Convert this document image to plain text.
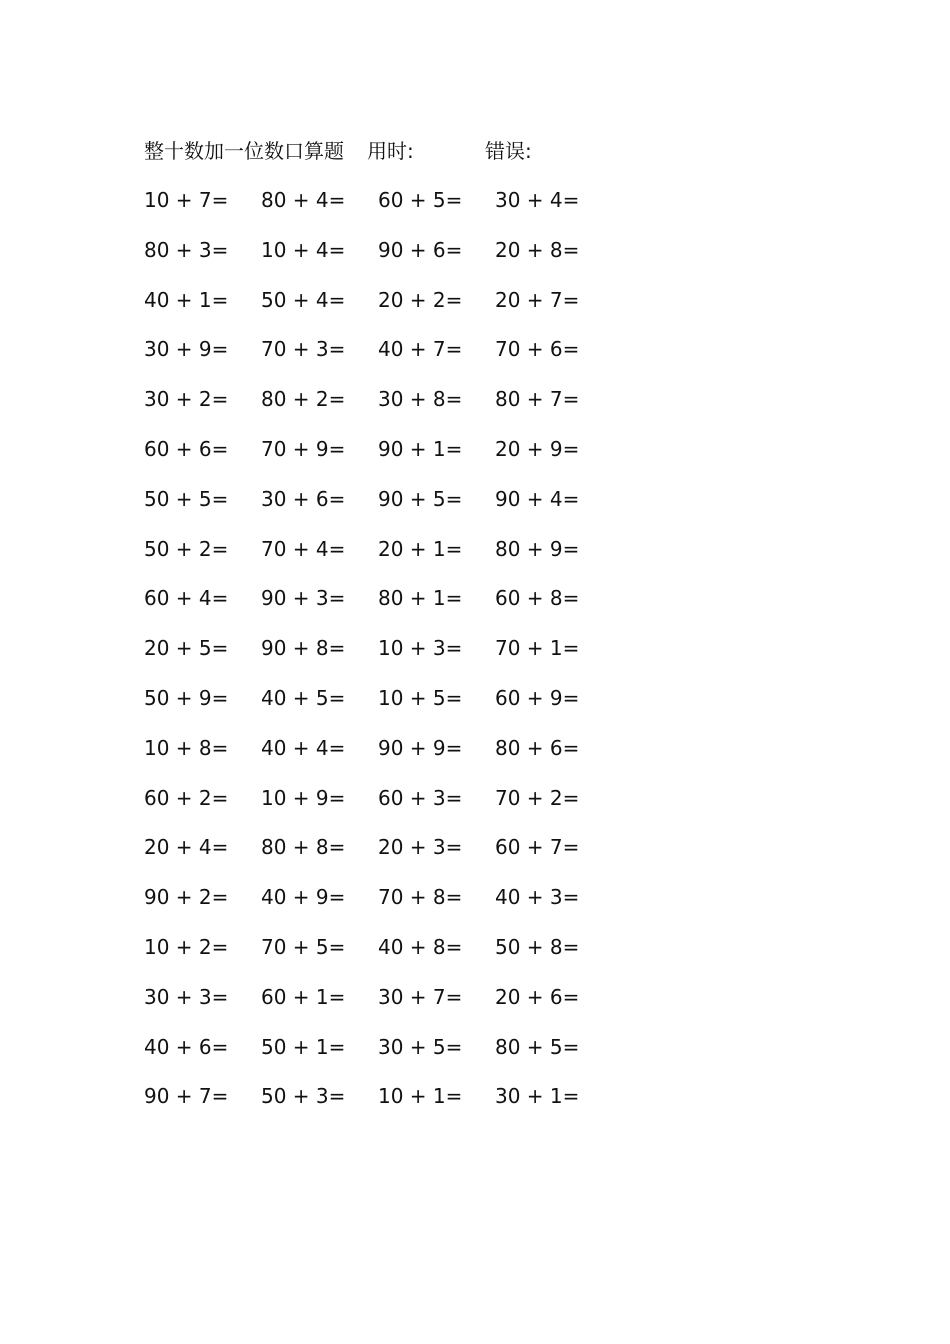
整十数加一位数口算题 用时:	错误:
10 + 7= 80 + 4= 60 + 5= 30 + 4=
80 + 3= 10 + 4= 90 + 6= 20 + 8=
40 + 1= 50 + 4= 20 + 2= 20 + 7=
30 + 9= 70 + 3= 40 + 7= 70 + 6=
30 + 2= 80 + 2= 30 + 8= 80 + 7=
60 + 6= 70 + 9= 90 + 1= 20 + 9=
50 + 5= 30 + 6= 90 + 5= 90 + 4=
50 + 2= 70 + 4= 20 + 1= 80 + 9=
60 + 4= 90 + 3= 80 + 1= 60 + 8=
20 + 5= 90 + 8= 10 + 3= 70 + 1=
50 + 9= 40 + 5= 10 + 5= 60 + 9=
10 + 8= 40 + 4= 90 + 9= 80 + 6=
60 + 2= 10 + 9= 60 + 3= 70 + 2=
20 + 4= 80 + 8= 20 + 3= 60 + 7=
90 + 2= 40 + 9= 70 + 8= 40 + 3=
10 + 2= 70 + 5= 40 + 8= 50 + 8=
30 + 3= 60 + 1= 30 + 7= 20 + 6=
40 + 6= 50 + 1= 30 + 5= 80 + 5=
90 + 7= 50 + 3= 10 + 1= 30 + 1=
